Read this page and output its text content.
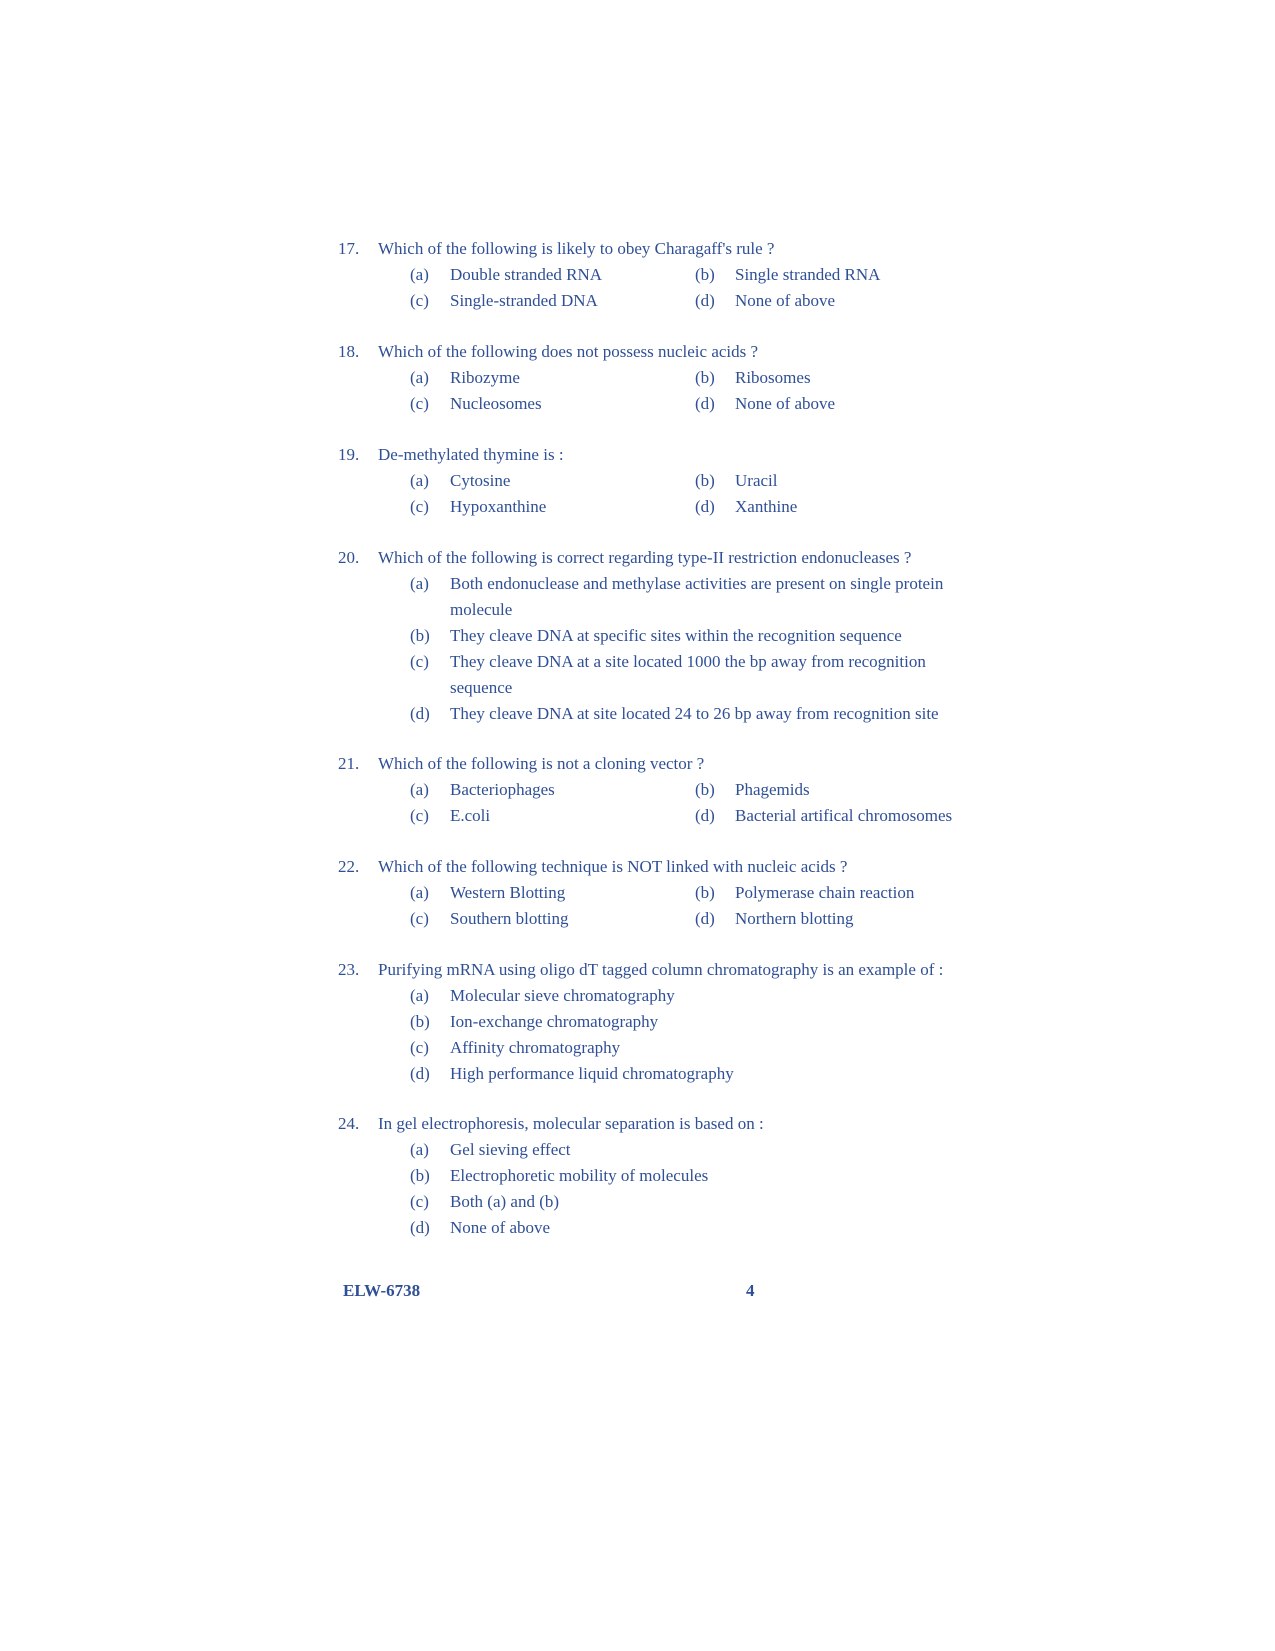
17. Which of the following is likely to obey Charagaff's rule ?
(a) Double stranded RNA	(b) Single stranded RNA
(c) Single-stranded DNA	(d) None of above
18. Which of the following does not possess nucleic acids ?
(a) Ribozyme	(b) Ribosomes
(c) Nucleosomes	(d) None of above
19. De-methylated thymine is :
(a) Cytosine	(b) Uracil
(c) Hypoxanthine	(d) Xanthine
20. Which of the following is correct regarding type-II restriction endonucleases ?
(a) Both endonuclease and methylase activities are present on single protein molecule
(b) They cleave DNA at specific sites within the recognition sequence
(c) They cleave DNA at a site located 1000 the bp away from recognition sequence
(d) They cleave DNA at site located 24 to 26 bp away from recognition site
21. Which of the following is not a cloning vector ?
(a) Bacteriophages	(b) Phagemids
(c) E.coli	(d) Bacterial artifical chromosomes
22. Which of the following technique is NOT linked with nucleic acids ?
(a) Western Blotting	(b) Polymerase chain reaction
(c) Southern blotting	(d) Northern blotting
23. Purifying mRNA using oligo dT tagged column chromatography is an example of :
(a) Molecular sieve chromatography
(b) Ion-exchange chromatography
(c) Affinity chromatography
(d) High performance liquid chromatography
24. In gel electrophoresis, molecular separation is based on :
(a) Gel sieving effect
(b) Electrophoretic mobility of molecules
(c) Both (a) and (b)
(d) None of above
ELW-6738	4
